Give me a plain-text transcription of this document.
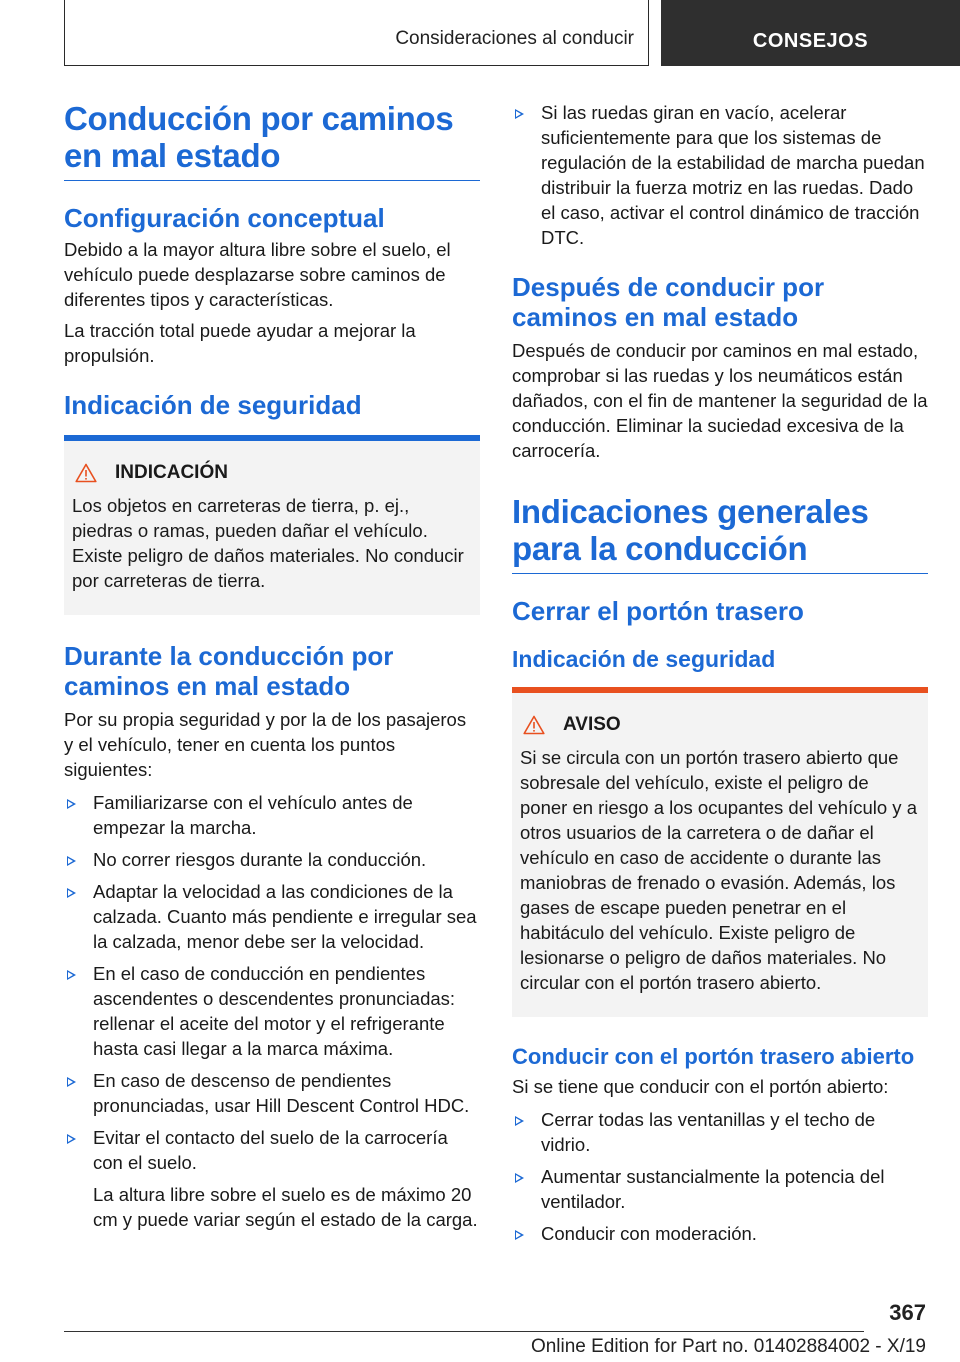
Consideraciones al conducir	CONSEJOS
Conducción por caminos en mal estado
Configuración conceptual

Debido a la mayor altura libre sobre el suelo, el vehículo puede desplazarse sobre caminos de diferentes tipos y características.

La tracción total puede ayudar a mejorar la propulsión.

Indicación de seguridad
INDICACIÓN

Los objetos en carreteras de tierra, p. ej., piedras o ramas, pueden dañar el vehículo. Existe peligro de daños materiales. No conducir por carreteras de tierra.

Durante la conducción por caminos en mal estado

Por su propia seguridad y por la de los pasajeros y el vehículo, tener en cuenta los puntos siguientes:

Familiarizarse con el vehículo antes de empezar la marcha.
No correr riesgos durante la conducción.
Adaptar la velocidad a las condiciones de la calzada. Cuanto más pendiente e irregular sea la calzada, menor debe ser la velocidad.
En el caso de conducción en pendientes ascendentes o descendentes pronunciadas: rellenar el aceite del motor y el refrigerante hasta casi llegar a la marca máxima.
En caso de descenso de pendientes pronunciadas, usar Hill Descent Control HDC.
Evitar el contacto del suelo de la carrocería con el suelo.
La altura libre sobre el suelo es de máximo 20 cm y puede variar según el estado de la carga.
Si las ruedas giran en vacío, acelerar suficientemente para que los sistemas de regulación de la estabilidad de marcha puedan distribuir la fuerza motriz en las ruedas. Dado el caso, activar el control dinámico de tracción DTC.
Después de conducir por caminos en mal estado

Después de conducir por caminos en mal estado, comprobar si las ruedas y los neumáticos están dañados, con el fin de mantener la seguridad de la conducción. Eliminar la suciedad excesiva de la carrocería.

Indicaciones generales para la conducción
Cerrar el portón trasero
Indicación de seguridad
AVISO

Si se circula con un portón trasero abierto que sobresale del vehículo, existe el peligro de poner en riesgo a los ocupantes del vehículo y a otros usuarios de la carretera o de dañar el vehículo en caso de accidente o durante las maniobras de frenado o evasión. Además, los gases de escape pueden penetrar en el habitáculo del vehículo. Existe peligro de lesionarse o peligro de daños materiales. No circular con el portón trasero abierto.

Conducir con el portón trasero abierto

Si se tiene que conducir con el portón abierto:

Cerrar todas las ventanillas y el techo de vidrio.
Aumentar sustancialmente la potencia del ventilador.
Conducir con moderación.
367
Online Edition for Part no. 01402884002 - X/19
